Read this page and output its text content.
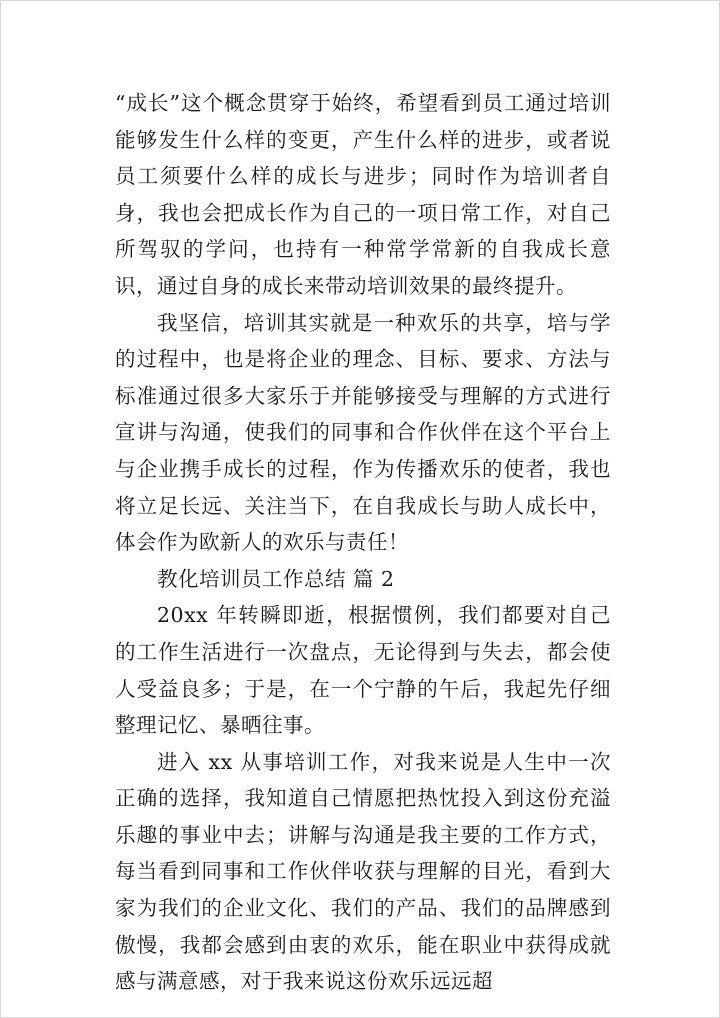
“成长”这个概念贯穿于始终，希望看到员工通过培训能够发生什么样的变更，产生什么样的进步，或者说员工须要什么样的成长与进步；同时作为培训者自身，我也会把成长作为自己的一项日常工作，对自己所驾驭的学问，也持有一种常学常新的自我成长意识，通过自身的成长来带动培训效果的最终提升。

我坚信，培训其实就是一种欢乐的共享，培与学的过程中，也是将企业的理念、目标、要求、方法与标准通过很多大家乐于并能够接受与理解的方式进行宣讲与沟通，使我们的同事和合作伙伴在这个平台上与企业携手成长的过程，作为传播欢乐的使者，我也将立足长远、关注当下，在自我成长与助人成长中，体会作为欧新人的欢乐与责任！

教化培训员工作总结 篇 2

20xx 年转瞬即逝，根据惯例，我们都要对自己的工作生活进行一次盘点，无论得到与失去，都会使人受益良多；于是，在一个宁静的午后，我起先仔细整理记忆、暴晒往事。

进入 xx 从事培训工作，对我来说是人生中一次正确的选择，我知道自己情愿把热忱投入到这份充溢乐趣的事业中去；讲解与沟通是我主要的工作方式，每当看到同事和工作伙伴收获与理解的目光，看到大家为我们的企业文化、我们的产品、我们的品牌感到傲慢，我都会感到由衷的欢乐，能在职业中获得成就感与满意感，对于我来说这份欢乐远远超
